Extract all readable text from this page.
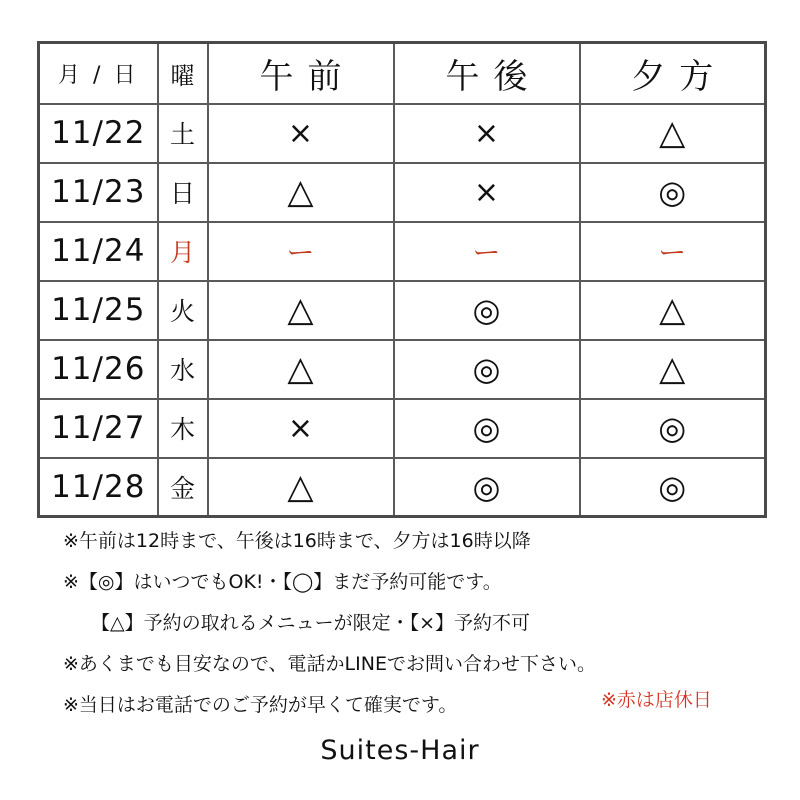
月 / 日	曜	午前	午後	夕方
11/22	土	×	×	△
11/23	日	△	×	◎
11/24	月	ー	ー	ー
11/25	火	△	◎	△
11/26	水	△	◎	△
11/27	木	×	◎	◎
11/28	金	△	◎	◎
※午前は12時まで、午後は16時まで、夕方は16時以降
※【◎】はいつでもOK!・【◯】まだ予約可能です。
【△】予約の取れるメニューが限定・【×】予約不可
※あくまでも目安なので、電話かLINEでお問い合わせ下さい。
※当日はお電話でのご予約が早くて確実です。	※赤は店休日
Suites-Hair
